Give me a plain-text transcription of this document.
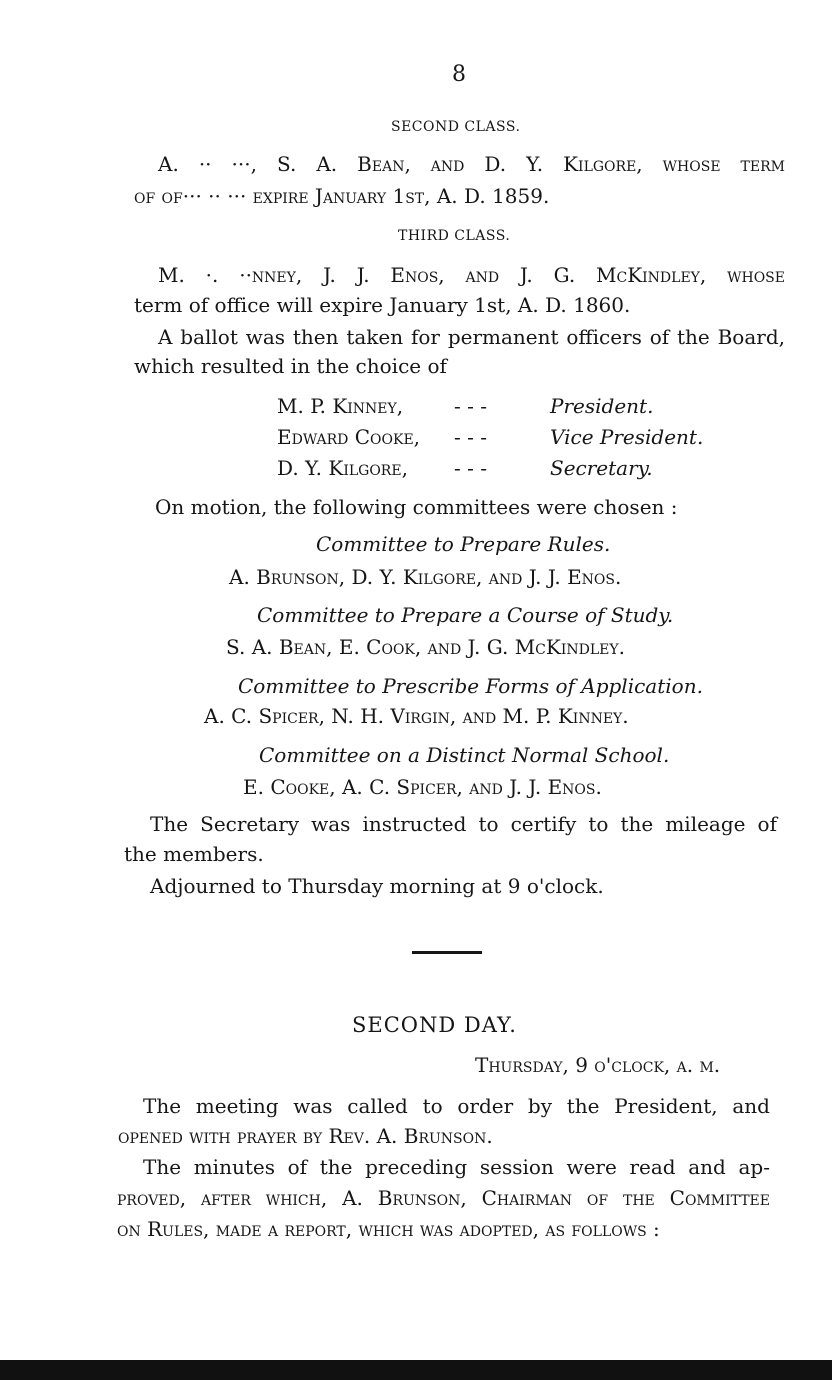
8
SECOND CLASS.
A. ·· ···, S. A. Bean, and D. Y. Kilgore, whose term
of of··· ·· ··· expire January 1st, A. D. 1859.
THIRD CLASS.
M. ·. ··nney, J. J. Enos, and J. G. McKindley, whose
term of office will expire January 1st, A. D. 1860.
A ballot was then taken for permanent officers of the Board,
which resulted in the choice of
M. P. Kinney,	- - -	President.
Edward Cooke, - - -	Vice President.
D. Y. Kilgore, - - -	Secretary.
On motion, the following committees were chosen :
Committee to Prepare Rules.
A. Brunson, D. Y. Kilgore, and J. J. Enos.
Committee to Prepare a Course of Study.
S. A. Bean, E. Cook, and J. G. McKindley.
Committee to Prescribe Forms of Application.
A. C. Spicer, N. H. Virgin, and M. P. Kinney.
Committee on a Distinct Normal School.
E. Cooke, A. C. Spicer, and J. J. Enos.
The Secretary was instructed to certify to the mileage of
the members.
Adjourned to Thursday morning at 9 o'clock.
SECOND DAY.
Thursday, 9 o'clock, a. m.
The meeting was called to order by the President, and
opened with prayer by Rev. A. Brunson.
The minutes of the preceding session were read and ap-
proved, after which, A. Brunson, Chairman of the Committee
on Rules, made a report, which was adopted, as follows :
